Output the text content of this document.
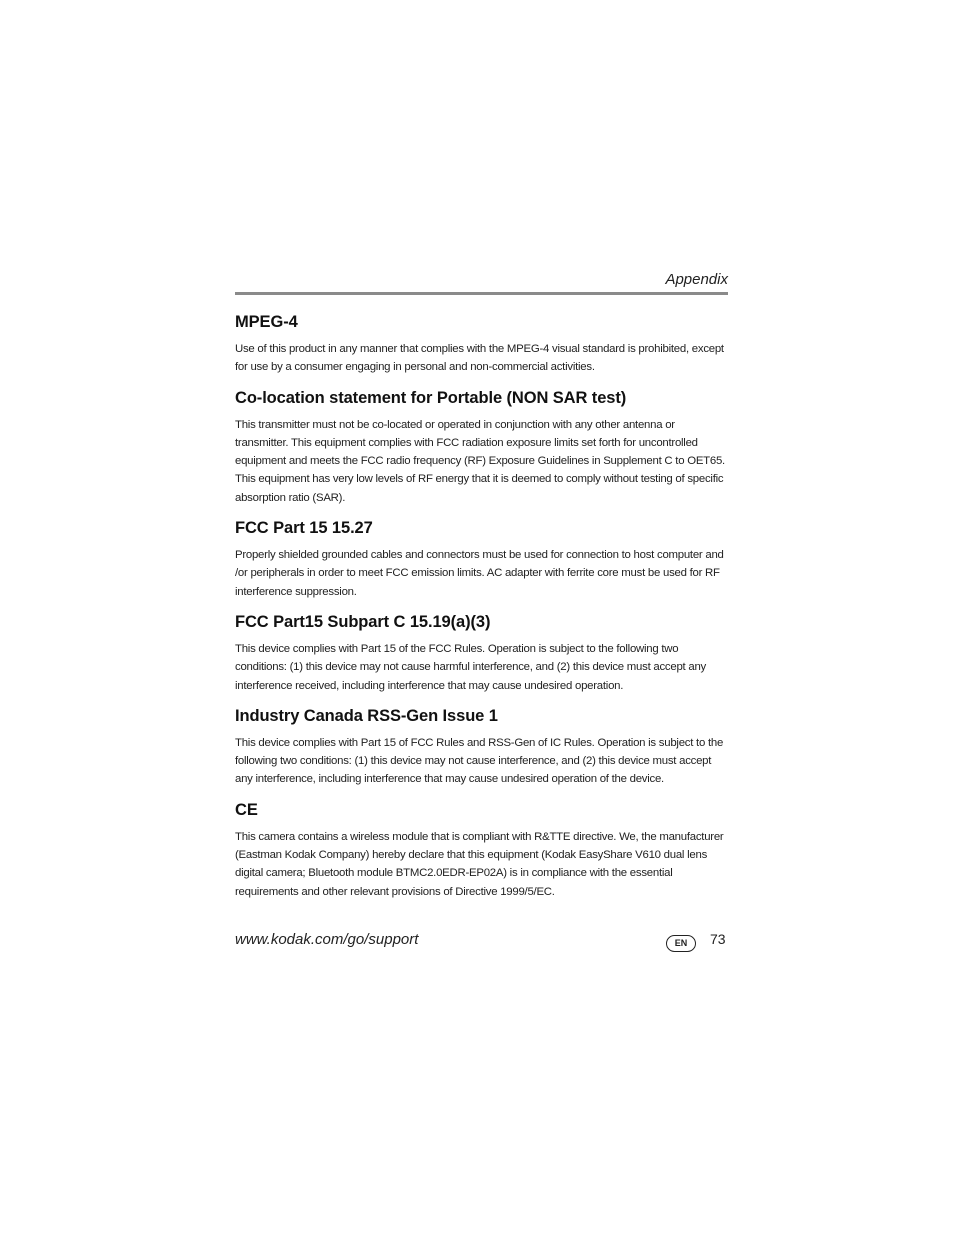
Appendix
MPEG-4

Use of this product in any manner that complies with the MPEG-4 visual standard is prohibited, except for use by a consumer engaging in personal and non-commercial activities.

Co-location statement for Portable (NON SAR test)

This transmitter must not be co-located or operated in conjunction with any other antenna or transmitter. This equipment complies with FCC radiation exposure limits set forth for uncontrolled equipment and meets the FCC radio frequency (RF) Exposure Guidelines in Supplement C to OET65. This equipment has very low levels of RF energy that it is deemed to comply without testing of specific absorption ratio (SAR).

FCC Part 15 15.27

Properly shielded grounded cables and connectors must be used for connection to host computer and /or peripherals in order to meet FCC emission limits. AC adapter with ferrite core must be used for RF interference suppression.

FCC Part15 Subpart C 15.19(a)(3)

This device complies with Part 15 of the FCC Rules. Operation is subject to the following two conditions: (1) this device may not cause harmful interference, and (2) this device must accept any interference received, including interference that may cause undesired operation.

Industry Canada RSS-Gen Issue 1

This device complies with Part 15 of FCC Rules and RSS-Gen of IC Rules. Operation is subject to the following two conditions: (1) this device may not cause interference, and (2) this device must accept any interference, including interference that may cause undesired operation of the device.

CE

This camera contains a wireless module that is compliant with R&TTE directive. We, the manufacturer (Eastman Kodak Company) hereby declare that this equipment (Kodak EasyShare V610 dual lens digital camera; Bluetooth module BTMC2.0EDR-EP02A) is in compliance with the essential requirements and other relevant provisions of Directive 1999/5/EC.

www.kodak.com/go/support	EN	73
